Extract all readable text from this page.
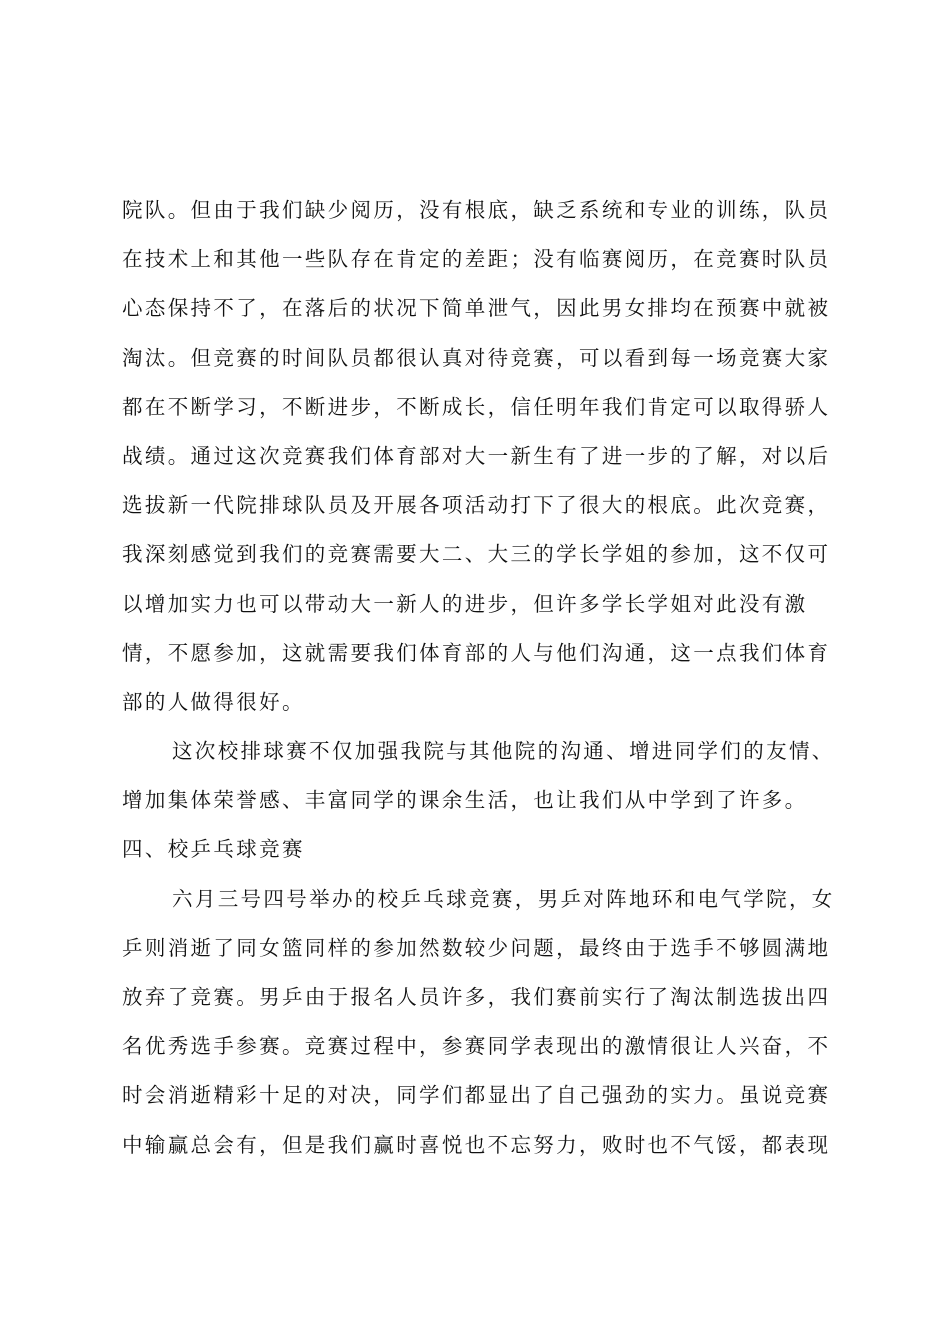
院队。但由于我们缺少阅历，没有根底，缺乏系统和专业的训练，队员
在技术上和其他一些队存在肯定的差距；没有临赛阅历，在竞赛时队员
心态保持不了，在落后的状况下简单泄气，因此男女排均在预赛中就被
淘汰。但竞赛的时间队员都很认真对待竞赛，可以看到每一场竞赛大家
都在不断学习，不断进步，不断成长，信任明年我们肯定可以取得骄人
战绩。通过这次竞赛我们体育部对大一新生有了进一步的了解，对以后
选拔新一代院排球队员及开展各项活动打下了很大的根底。此次竞赛，
我深刻感觉到我们的竞赛需要大二、大三的学长学姐的参加，这不仅可
以增加实力也可以带动大一新人的进步，但许多学长学姐对此没有激
情，不愿参加，这就需要我们体育部的人与他们沟通，这一点我们体育
部的人做得很好。
这次校排球赛不仅加强我院与其他院的沟通、增进同学们的友情、
增加集体荣誉感、丰富同学的课余生活，也让我们从中学到了许多。
四、校乒乓球竞赛
六月三号四号举办的校乒乓球竞赛，男乒对阵地环和电气学院，女
乒则消逝了同女篮同样的参加然数较少问题，最终由于选手不够圆满地
放弃了竞赛。男乒由于报名人员许多，我们赛前实行了淘汰制选拔出四
名优秀选手参赛。竞赛过程中，参赛同学表现出的激情很让人兴奋，不
时会消逝精彩十足的对决，同学们都显出了自己强劲的实力。虽说竞赛
中输赢总会有，但是我们赢时喜悦也不忘努力，败时也不气馁，都表现
